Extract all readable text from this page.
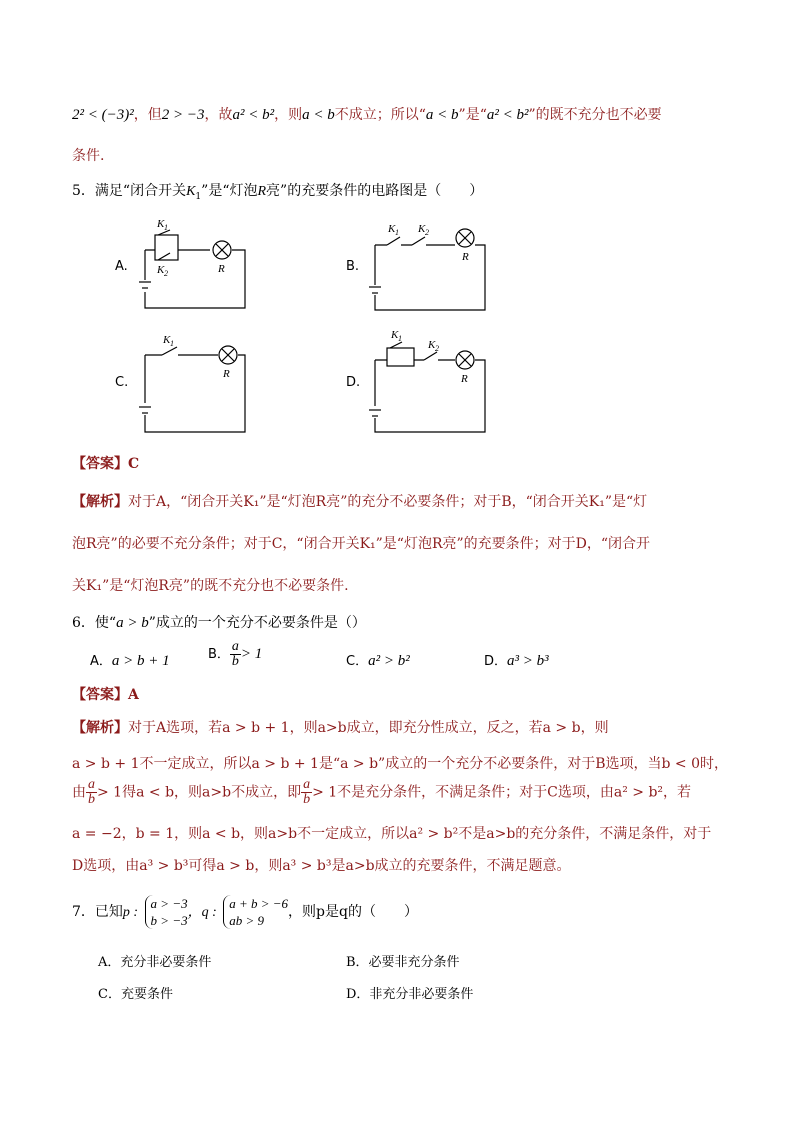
2² < (−3)²，但2 > −3，故a² < b²，则a < b不成立；所以“a < b”是“a² < b²”的既不充分也不必要
条件.
5．满足“闭合开关$K_1$”是“灯泡R亮”的充要条件的电路图是（　　）
K 1
K 2	R
K 1 K 2
R
K 1
R
K 1
K 2
R
A.	B.
C.	D.
【答案】C
【解析】对于A，“闭合开关K₁”是“灯泡R亮”的充分不必要条件；对于B，“闭合开关K₁”是“灯
泡R亮”的必要不充分条件；对于C，“闭合开关K₁”是“灯泡R亮”的充要条件；对于D，“闭合开
关K₁”是“灯泡R亮”的既不充分也不必要条件.
6．使“a > b”成立的一个充分不必要条件是（）
A．a > b + 1	B． $\frac{a}{b} > 1$	C．a² > b²	D．a³ > b³
【答案】A
【解析】对于A选项，若a > b + 1，则a>b成立，即充分性成立，反之，若a > b，则
a > b + 1不一定成立，所以a > b + 1是“a > b”成立的一个充分不必要条件，对于B选项，当b < 0时，
由 $\frac{a}{b} > 1$得a < b，则a>b不成立，即 $\frac{a}{b} > 1$不是充分条件，不满足条件；对于C选项，由a² > b²，若
a = −2，b = 1，则a < b，则a>b不一定成立，所以a² > b²不是a>b的充分条件，不满足条件，对于
D选项，由a³ > b³可得a > b，则a³ > b³是a>b成立的充要条件，不满足题意。
7．已知p :
a > −3
b > −3
，q :
a + b > −6
ab > 9
，则p是q的（　　）
A．充分非必要条件	B．必要非充分条件
C．充要条件	D．非充分非必要条件
